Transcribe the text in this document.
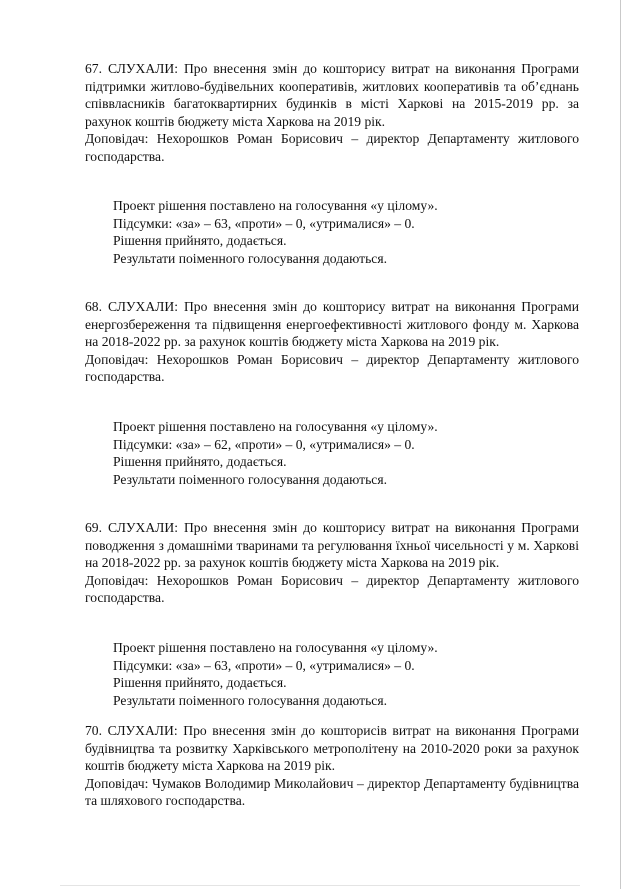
67. СЛУХАЛИ: Про внесення змін до кошторису витрат на виконання Програми підтримки житлово-будівельних кооперативів, житлових кооперативів та об’єднань співвласників багатоквартирних будинків в місті Харкові на 2015-2019 рр. за рахунок коштів бюджету міста Харкова на 2019 рік.
Доповідач: Нехорошков Роман Борисович – директор Департаменту житлового господарства.
Проект рішення поставлено на голосування «у цілому».
Підсумки: «за» – 63, «проти» – 0, «утрималися» – 0.
Рішення прийнято, додається.
Результати поіменного голосування додаються.
68. СЛУХАЛИ: Про внесення змін до кошторису витрат на виконання Програми енергозбереження та підвищення енергоефективності житлового фонду м. Харкова на 2018-2022 рр. за рахунок коштів бюджету міста Харкова на 2019 рік.
Доповідач: Нехорошков Роман Борисович – директор Департаменту житлового господарства.
Проект рішення поставлено на голосування «у цілому».
Підсумки: «за» – 62, «проти» – 0, «утрималися» – 0.
Рішення прийнято, додається.
Результати поіменного голосування додаються.
69. СЛУХАЛИ: Про внесення змін до кошторису витрат на виконання Програми поводження з домашніми тваринами та регулювання їхньої чисельності у м. Харкові на 2018-2022 рр. за рахунок коштів бюджету міста Харкова на 2019 рік.
Доповідач: Нехорошков Роман Борисович – директор Департаменту житлового господарства.
Проект рішення поставлено на голосування «у цілому».
Підсумки: «за» – 63, «проти» – 0, «утрималися» – 0.
Рішення прийнято, додається.
Результати поіменного голосування додаються.
70. СЛУХАЛИ: Про внесення змін до кошторисів витрат на виконання Програми будівництва та розвитку Харківського метрополітену на 2010-2020 роки за рахунок коштів бюджету міста Харкова на 2019 рік.
Доповідач: Чумаков Володимир Миколайович – директор Департаменту будівництва та шляхового господарства.
